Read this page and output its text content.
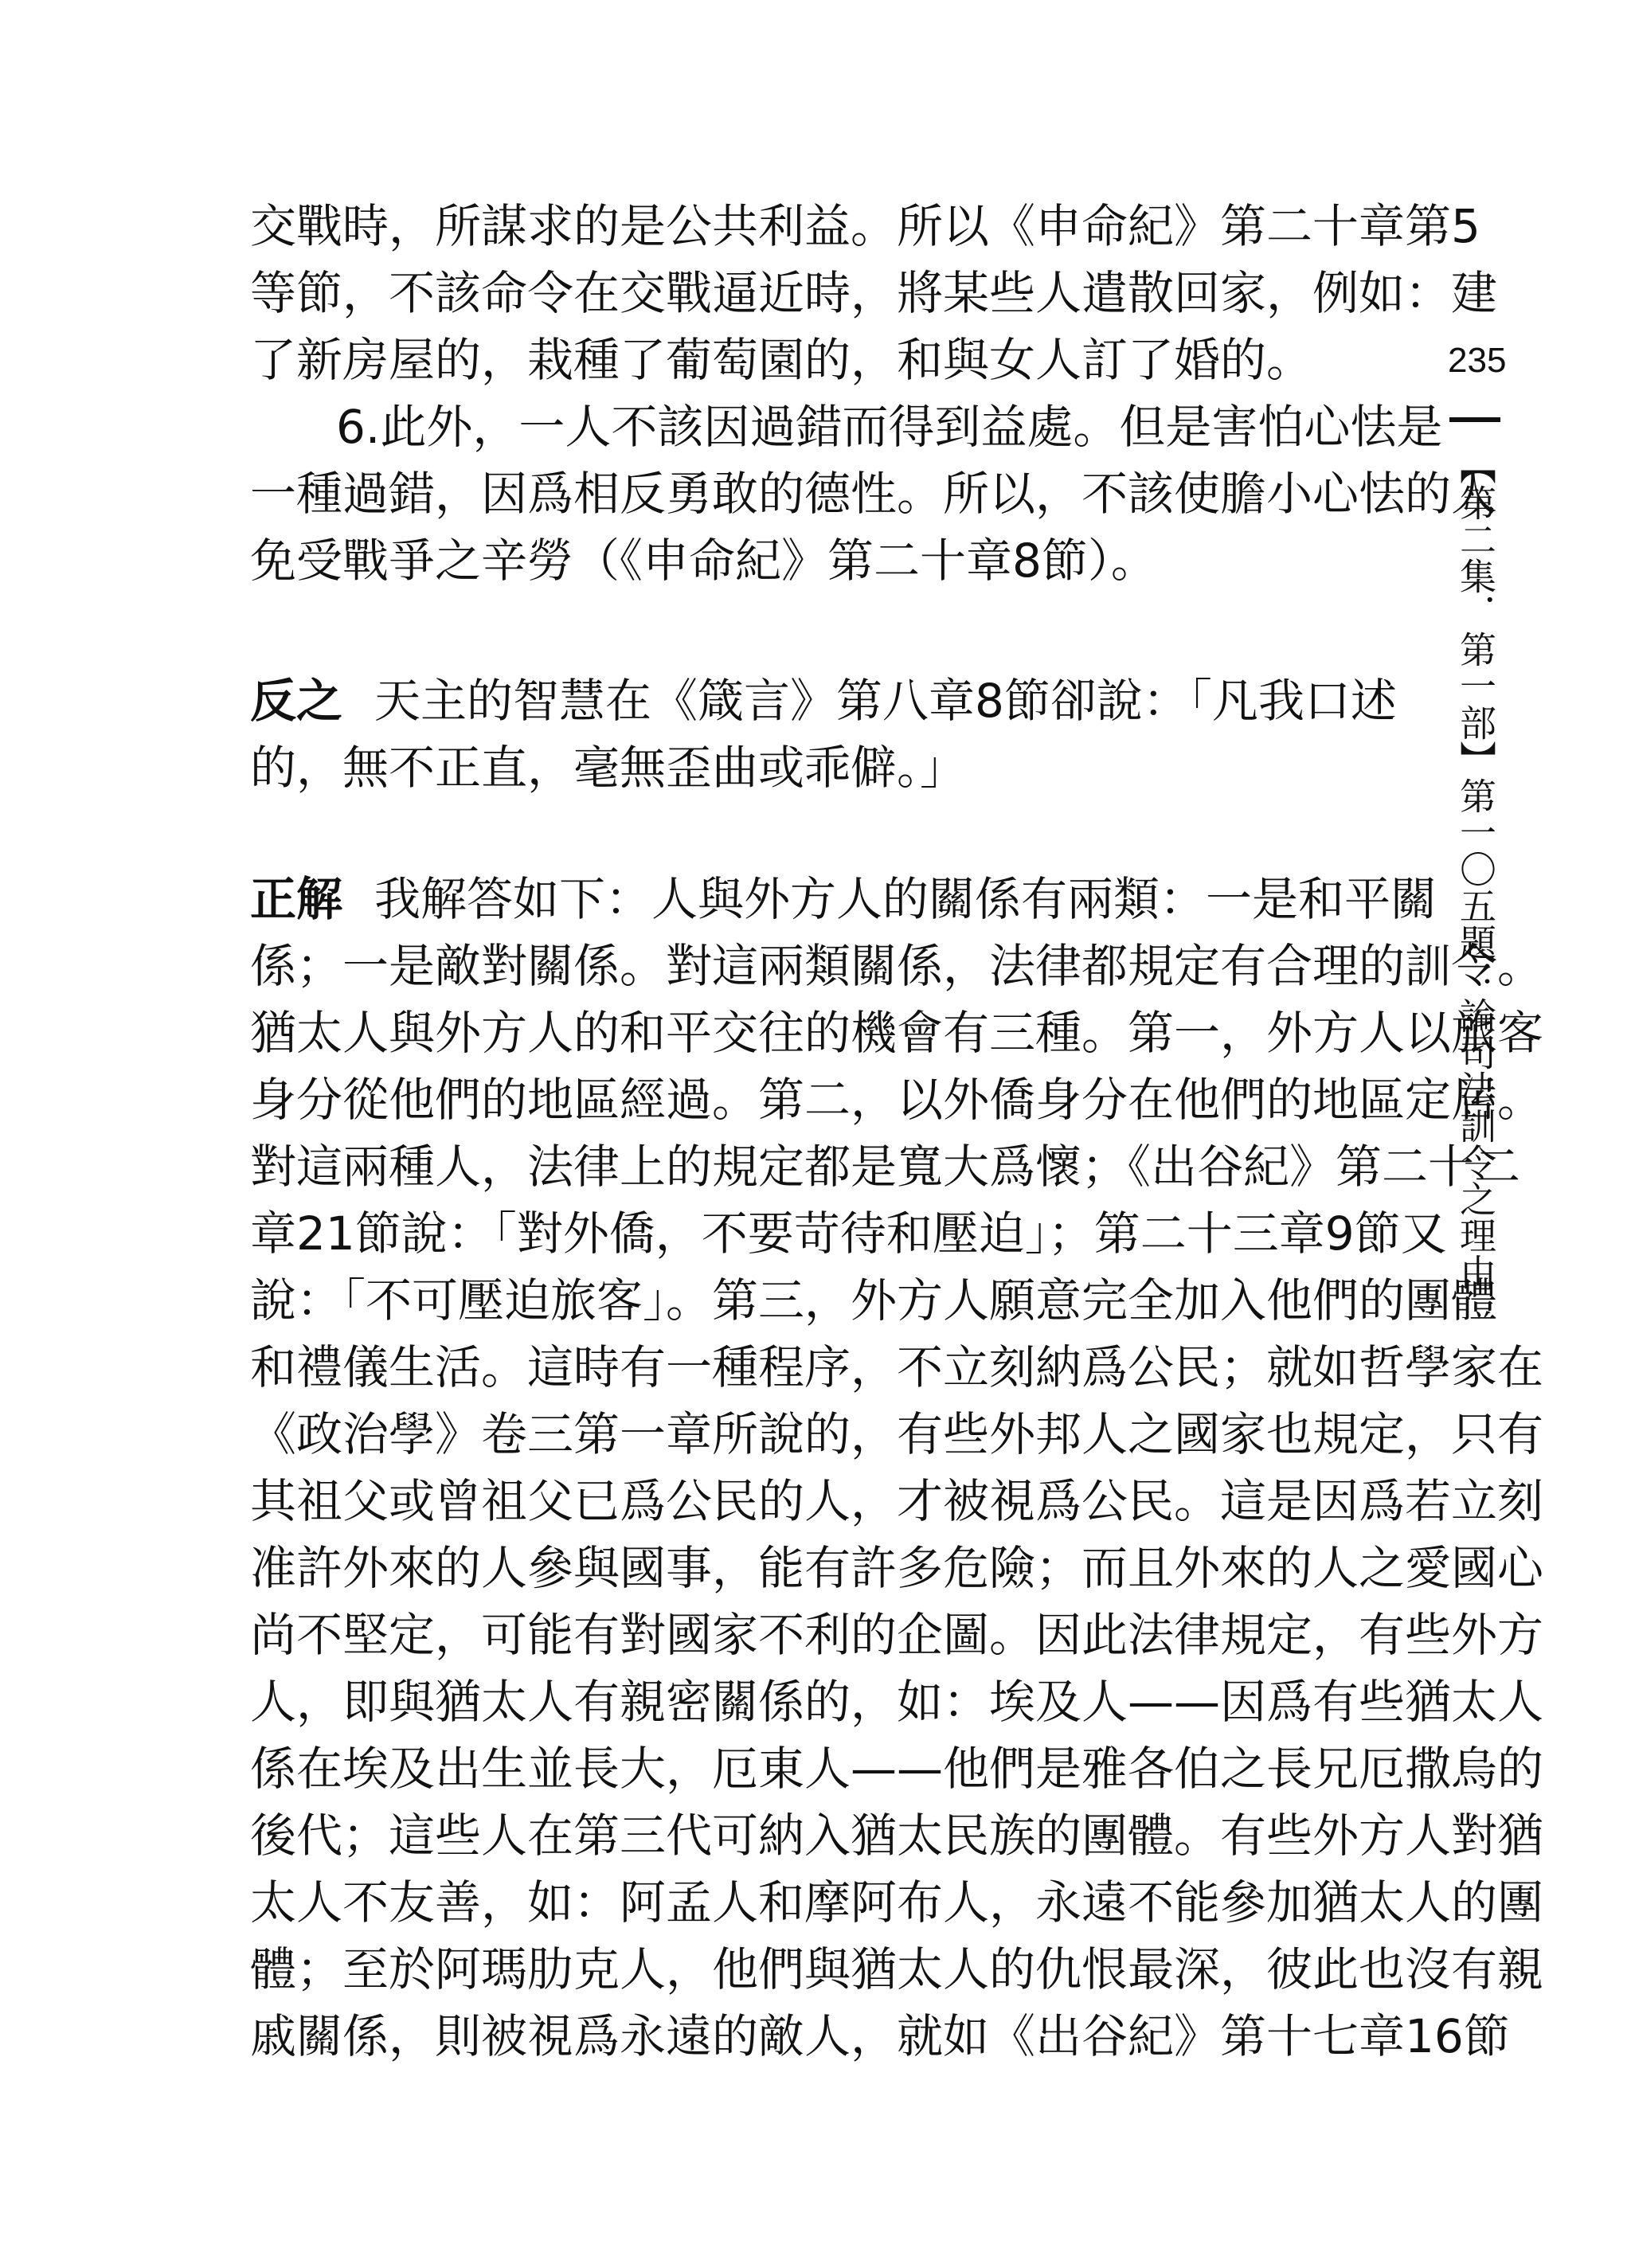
235
【第二集．第一部】第一〇五題：論司法訓令之理由
交戰時，所謀求的是公共利益。所以《申命紀》第二十章第5
等節，不該命令在交戰逼近時，將某些人遣散回家，例如：建
了新房屋的，栽種了葡萄園的，和與女人訂了婚的。
6.此外，一人不該因過錯而得到益處。但是害怕心怯是
一種過錯，因爲相反勇敢的德性。所以，不該使膽小心怯的人
免受戰爭之辛勞（《申命紀》第二十章8節）。
反之 天主的智慧在《箴言》第八章8節卻說：「凡我口述
的，無不正直，毫無歪曲或乖僻。」
正解 我解答如下：人與外方人的關係有兩類：一是和平關
係；一是敵對關係。對這兩類關係，法律都規定有合理的訓令。
猶太人與外方人的和平交往的機會有三種。第一，外方人以旅客
身分從他們的地區經過。第二，以外僑身分在他們的地區定居。
對這兩種人，法律上的規定都是寬大爲懷；《出谷紀》第二十二
章21節說：「對外僑，不要苛待和壓迫」；第二十三章9節又
說：「不可壓迫旅客」。第三，外方人願意完全加入他們的團體
和禮儀生活。這時有一種程序，不立刻納爲公民；就如哲學家在
《政治學》卷三第一章所說的，有些外邦人之國家也規定，只有
其祖父或曾祖父已爲公民的人，才被視爲公民。這是因爲若立刻
准許外來的人參與國事，能有許多危險；而且外來的人之愛國心
尚不堅定，可能有對國家不利的企圖。因此法律規定，有些外方
人，即與猶太人有親密關係的，如：埃及人——因爲有些猶太人
係在埃及出生並長大，厄東人——他們是雅各伯之長兄厄撒烏的
後代；這些人在第三代可納入猶太民族的團體。有些外方人對猶
太人不友善，如：阿孟人和摩阿布人，永遠不能參加猶太人的團
體；至於阿瑪肋克人，他們與猶太人的仇恨最深，彼此也沒有親
戚關係，則被視爲永遠的敵人，就如《出谷紀》第十七章16節
